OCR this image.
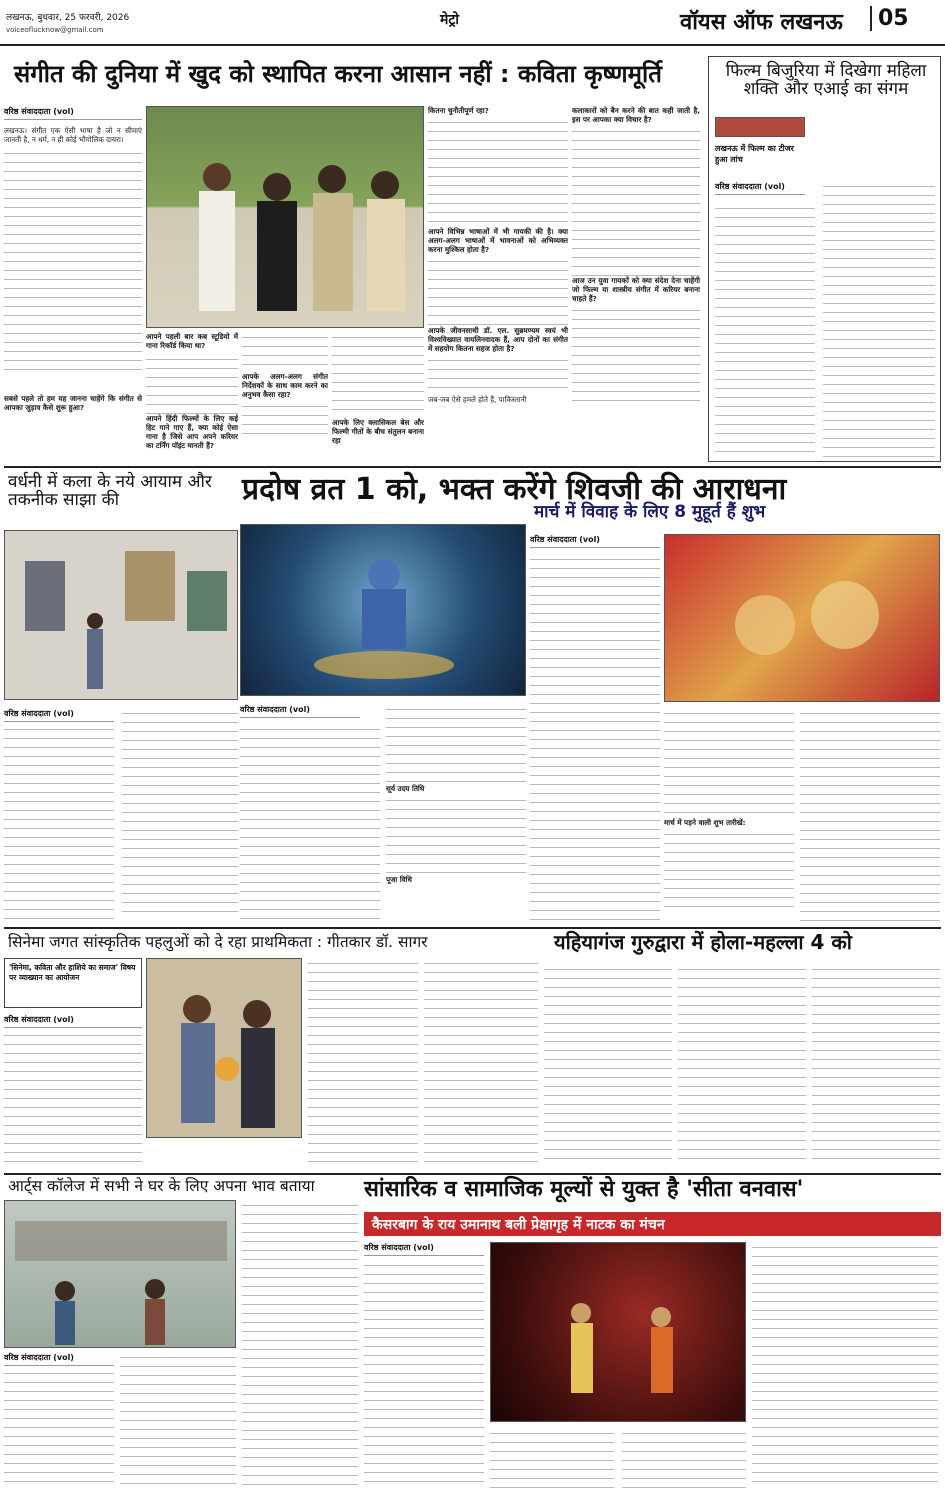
लखनऊ, बुधवार, 25 फरवरी, 2026
voiceoflucknow@gmail.com
मेट्रो	वॉयस ऑफ लखनऊ	05
संगीत की दुनिया में खुद को स्थापित करना आसान नहीं : कविता कृष्णमूर्ति
वरिष्ठ संवाददाता (vol)
लखनऊ। संगीत एक ऐसी भाषा है जो न सीमाएं जानती है, न धर्म, न ही कोई भौगोलिक दायरा।
सबसे पहले तो हम यह जानना चाहेंगे कि संगीत से आपका जुड़ाव कैसे शुरू हुआ?
आपने पहली बार कब स्टूडियो में गाना रिकॉर्ड किया था?
आपने हिंदी फिल्मों के लिए कई हिट गाने गाए हैं, क्या कोई ऐसा गाना है जिसे आप अपने करियर का टर्निंग पॉइंट मानती हैं?
आपके अलग-अलग संगीत निर्देशकों के साथ काम करने का अनुभव कैसा रहा?
आपके लिए क्लासिकल बेस और फिल्मी गीतों के बीच संतुलन बनाना रहा
कितना चुनौतीपूर्ण रहा?
आपने विभिन्न भाषाओं में भी गायकी की है। क्या अलग-अलग भाषाओं में भावनाओं को अभिव्यक्त करना मुश्किल होता है?
आपके जीवनसाथी डॉ. एल. सुब्रमण्यम स्वयं भी विश्वविख्यात वायलिनवादक हैं, आप दोनों का संगीत में सहयोग कितना सहज होता है?
जब-जब ऐसे हमले होते हैं, पाकिस्तानी
कलाकारों को बैन करने की बात कही जाती है, इस पर आपका क्या विचार है?
आज उन युवा गायकों को क्या संदेश देना चाहेंगी जो फिल्म या शास्त्रीय संगीत में करियर बनाना चाहते हैं?
फिल्म बिजुरिया में दिखेगा महिला शक्ति और एआई का संगम
लखनऊ में फिल्म का टीजर हुआ लांच
वरिष्ठ संवाददाता (vol)
वर्धनी में कला के नये आयाम और तकनीक साझा की
वरिष्ठ संवाददाता (vol)
प्रदोष व्रत 1 को, भक्त करेंगे शिवजी की आराधना
वरिष्ठ संवाददाता (vol)
सूर्य उदय तिथि
पूजा विधि
मार्च में विवाह के लिए 8 मुहूर्त हैं शुभ
वरिष्ठ संवाददाता (vol)
मार्च में पड़ने वाली शुभ तारीखें:
सिनेमा जगत सांस्कृतिक पहलुओं को दे रहा प्राथमिकता : गीतकार डॉ. सागर
'सिनेमा, कविता और हाशिये का समाज' विषय पर व्याख्यान का आयोजन
वरिष्ठ संवाददाता (vol)
यहियागंज गुरुद्वारा में होला-महल्ला 4 को
आर्ट्स कॉलेज में सभी ने घर के लिए अपना भाव बताया
वरिष्ठ संवाददाता (vol)
सांसारिक व सामाजिक मूल्यों से युक्त है 'सीता वनवास'
कैसरबाग के राय उमानाथ बली प्रेक्षागृह में नाटक का मंचन
वरिष्ठ संवाददाता (vol)
